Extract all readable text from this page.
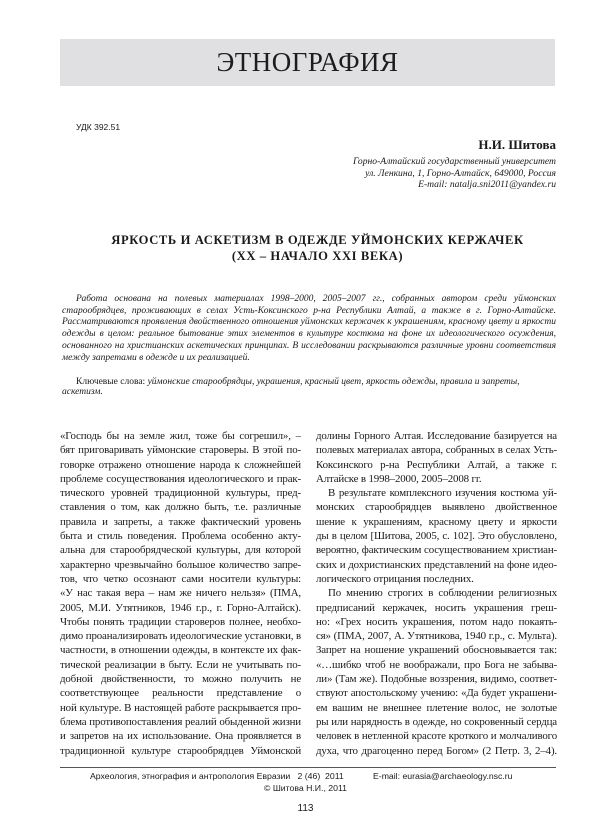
ЭТНОГРАФИЯ
УДК 392.51
Н.И. Шитова
Горно-Алтайский государственный университет
ул. Ленкина, 1, Горно-Алтайск, 649000, Россия
E-mail: natalja.sni2011@yandex.ru
ЯРКОСТЬ И АСКЕТИЗМ В ОДЕЖДЕ УЙМОНСКИХ КЕРЖАЧЕК
(XX – НАЧАЛО XXI ВЕКА)
Работа основана на полевых материалах 1998–2000, 2005–2007 гг., собранных автором среди уймонских старообрядцев, проживающих в селах Усть-Коксинского р-на Республики Алтай, а также в г. Горно-Алтайске. Рассматриваются проявления двойственного отношения уймонских кержачек к украшениям, красному цвету и яркости одежды в целом: реальное бытование этих элементов в культуре костюма на фоне их идеологического осуждения, основанного на христианских аскетических принципах. В исследовании раскрываются различные уровни соответствия между запретами в одежде и их реализацией.
Ключевые слова: уймонские старообрядцы, украшения, красный цвет, яркость одежды, правила и запреты, аскетизм.
«Господь бы на земле жил, тоже бы согрешил», –
бят приговаривать уймонские староверы. В этой по-
говорке отражено отношение народа к сложнейшей
проблеме сосуществования идеологического и прак-
тического уровней традиционной культуры, пред-
ставления о том, как должно быть, т.е. различные
правила и запреты, а также фактический уровень
быта и стиль поведения. Проблема особенно акту-
альна для старообрядческой культуры, для которой
характерно чрезвычайно большое количество запре-
тов, что четко осознают сами носители культуры:
«У нас такая вера – нам же ничего нельзя» (ПМА,
2005, М.И. Утятников, 1946 г.р., г. Горно-Алтайск).
Чтобы понять традиции староверов полнее, необхо-
димо проанализировать идеологические установки, в
частности, в отношении одежды, в контексте их фак-
тической реализации в быту. Если не учитывать по-
добной двойственности, то можно получить не
соответствующее реальности представление о
ной культуре. В настоящей работе раскрывается про-
блема противопоставления реалий обыденной жизни
и запретов на их использование. Она проявляется в
традиционной культуре старообрядцев Уймонской
долины Горного Алтая. Исследование базируется на
полевых материалах автора, собранных в селах Усть-
Коксинского р-на Республики Алтай, а также г.
Алтайске в 1998–2000, 2005–2008 гг.
В результате комплексного изучения костюма уй-
монских старообрядцев выявлено двойственное
шение к украшениям, красному цвету и яркости
ды в целом [Шитова, 2005, с. 102]. Это обусловлено,
вероятно, фактическим сосуществованием христиан-
ских и дохристианских представлений на фоне идео-
логического отрицания последних.
По мнению строгих в соблюдении религиозных
предписаний кержачек, носить украшения греш-
но: «Грех носить украшения, потом надо покаять-
ся» (ПМА, 2007, А. Утятникова, 1940 г.р., с. Мульта).
Запрет на ношение украшений обосновывается так:
«…шибко чтоб не воображали, про Бога не забыва-
ли» (Там же). Подобные воззрения, видимо, соответ-
ствуют апостольскому учению: «Да будет украшени-
ем вашим не внешнее плетение волос, не золотые
ры или нарядность в одежде, но сокровенный сердца
человек в нетленной красоте кроткого и молчаливого
духа, что драгоценно перед Богом» (2 Петр. 3, 2–4).
Археология, этнография и антропология Евразии   2 (46)  2011	E-mail: eurasia@archaeology.nsc.ru
© Шитова Н.И., 2011
113
